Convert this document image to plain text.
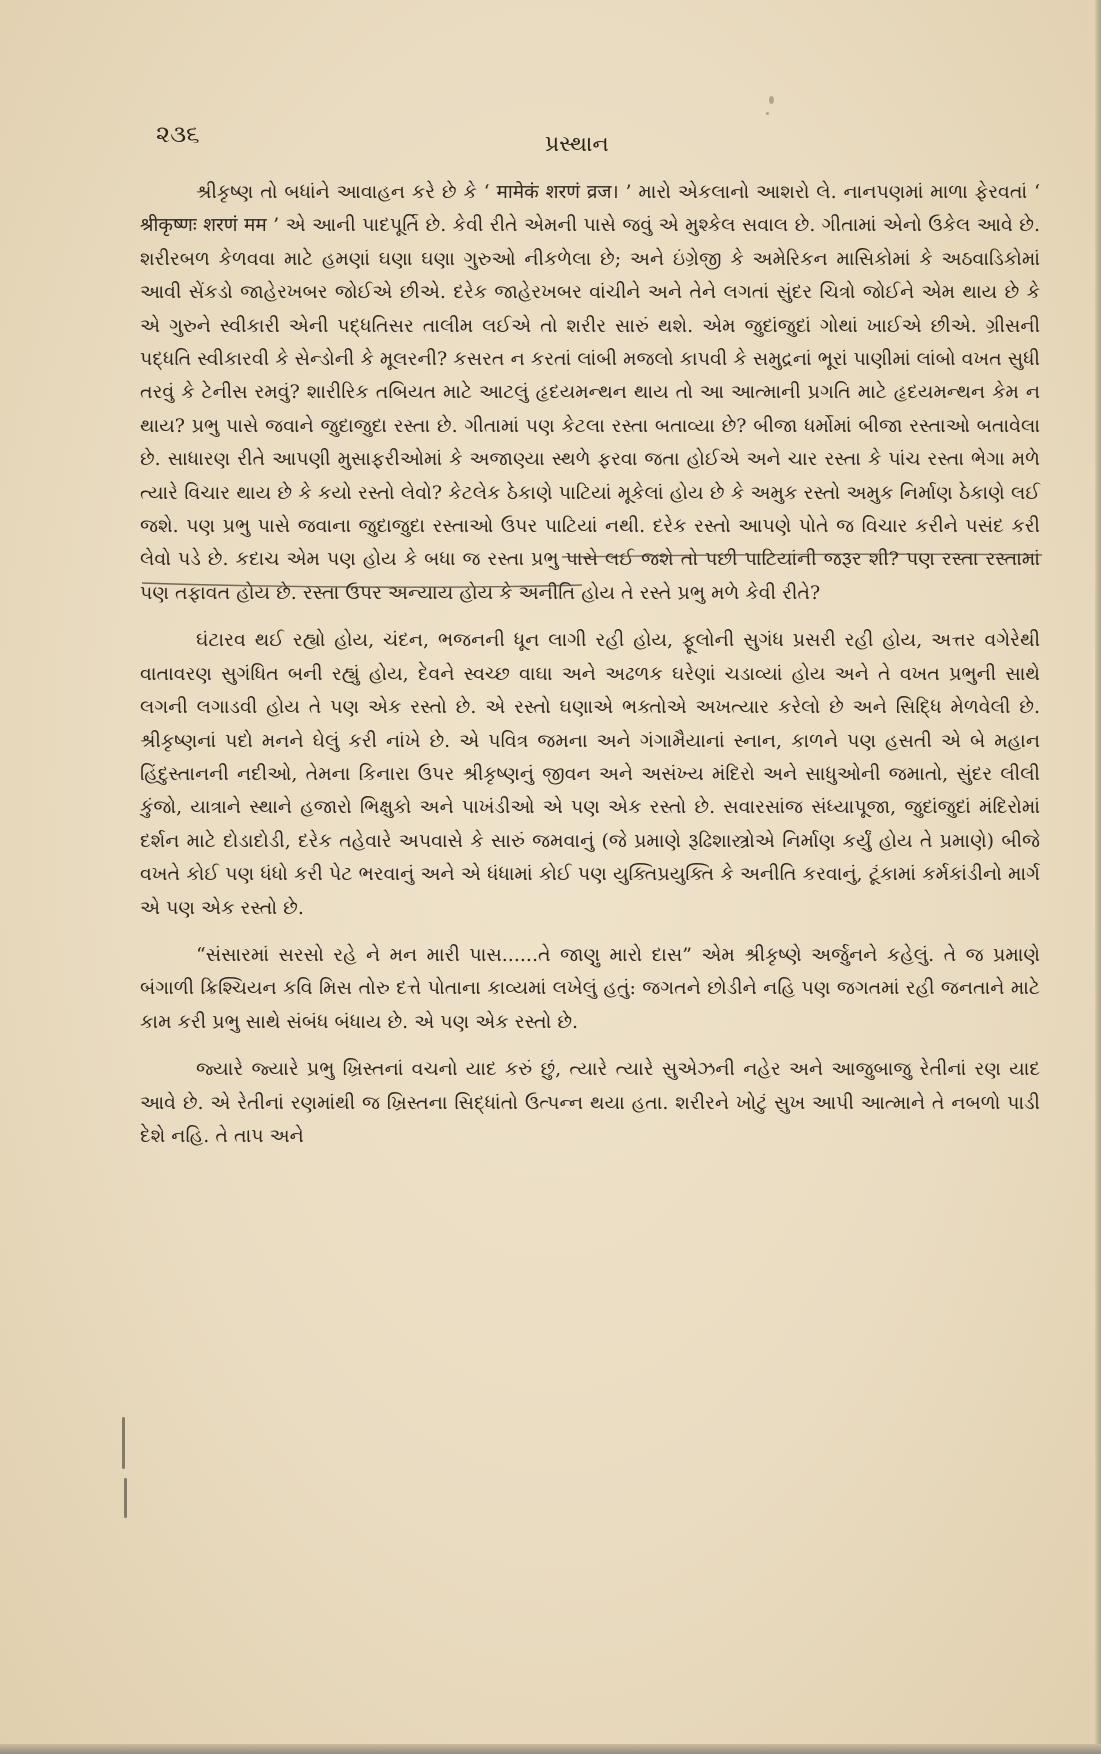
૨૩૬	પ્રસ્થાન

શ્રીકૃષ્ણ તો બધાંને આવાહન કરે છે કે ‘ मामेकं शरणं व्रज। ’ મારો એકલાનો આશરો લે. નાનપણમાં માળા ફેરવતાં ‘ श्रीकृष्णः शरणं मम ’ એ આની પાદપૂર્તિ છે. કેવી રીતે એમની પાસે જવું એ મુશ્કેલ સવાલ છે. ગીતામાં એનો ઉકેલ આવે છે. શરીરબળ કેળવવા માટે હમણાં ઘણા ઘણા ગુરુઓ નીકળેલા છે; અને ઇંગ્રેજી કે અમેરિકન માસિકોમાં કે અઠવાડિકોમાં આવી સેંકડો જાહેરખબર જોઈએ છીએ. દરેક જાહેરખબર વાંચીને અને તેને લગતાં સુંદર ચિત્રો જોઈને એમ થાય છે કે એ ગુરુને સ્વીકારી એની પદ્ધતિસર તાલીમ લઈએ તો શરીર સારું થશે. એમ જુદાંજુદાં ગોથાં ખાઈએ છીએ. ગ્રીસની પદ્ધતિ સ્વીકારવી કે સેન્ડોની કે મૂલરની? કસરત ન કરતાં લાંબી મજલો કાપવી કે સમુદ્રનાં ભૂરાં પાણીમાં લાંબો વખત સુધી તરવું કે ટેનીસ રમવું? શારીરિક તબિયત માટે આટલું હૃદયમન્થન થાય તો આ આત્માની પ્રગતિ માટે હૃદયમન્થન કેમ ન થાય? પ્રભુ પાસે જવાને જુદાજુદા રસ્તા છે. ગીતામાં પણ કેટલા રસ્તા બતાવ્યા છે? બીજા ધર્મોમાં બીજા રસ્તાઓ બતાવેલા છે. સાધારણ રીતે આપણી મુસાફરીઓમાં કે અજાણ્યા સ્થળે ફરવા જતા હોઈએ અને ચાર રસ્તા કે પાંચ રસ્તા ભેગા મળે ત્યારે વિચાર થાય છે કે કયો રસ્તો લેવો? કેટલેક ઠેકાણે પાટિયાં મૂકેલાં હોય છે કે અમુક રસ્તો અમુક નિર્માણ ઠેકાણે લઈ જશે. પણ પ્રભુ પાસે જવાના જુદાજુદા રસ્તાઓ ઉપર પાટિયાં નથી. દરેક રસ્તો આપણે પોતે જ વિચાર કરીને પસંદ કરી લેવો પડે છે. કદાચ એમ પણ હોય કે બધા જ રસ્તા પ્રભુ પાસે લઈ જશે તો પછી પાટિયાંની જરૂર શી? પણ રસ્તા રસ્તામાં પણ તફાવત હોય છે. રસ્તા ઉપર અન્યાય હોય કે અનીતિ હોય તે રસ્તે પ્રભુ મળે કેવી રીતે?

ઘંટારવ થઈ રહ્યો હોય, ચંદન, ભજનની ધૂન લાગી રહી હોય, ફૂલોની સુગંધ પ્રસરી રહી હોય, અત્તર વગેરેથી વાતાવરણ સુગંધિત બની રહ્યું હોય, દેવને સ્વચ્છ વાઘા અને અઢળક ઘરેણાં ચડાવ્યાં હોય અને તે વખત પ્રભુની સાથે લગની લગાડવી હોય તે પણ એક રસ્તો છે. એ રસ્તો ઘણાએ ભક્તોએ અખત્યાર કરેલો છે અને સિદ્ધિ મેળવેલી છે. શ્રીકૃષ્ણનાં પદો મનને ઘેલું કરી નાંખે છે. એ પવિત્ર જમના અને ગંગામૈયાનાં સ્નાન, કાળને પણ હસતી એ બે મહાન હિંદુસ્તાનની નદીઓ, તેમના કિનારા ઉપર શ્રીકૃષ્ણનું જીવન અને અસંખ્ય મંદિરો અને સાધુઓની જમાતો, સુંદર લીલી કુંજો, યાત્રાને સ્થાને હજારો ભિક્ષુકો અને પાખંડીઓ એ પણ એક રસ્તો છે. સવારસાંજ સંધ્યાપૂજા, જુદાંજુદાં મંદિરોમાં દર્શન માટે દોડાદોડી, દરેક તહેવારે અપવાસે કે સારું જમવાનું (જે પ્રમાણે રૂઢિશાસ્ત્રોએ નિર્માણ કર્યું હોય તે પ્રમાણે) બીજે વખતે કોઈ પણ ધંધો કરી પેટ ભરવાનું અને એ ધંધામાં કોઈ પણ યુક્તિપ્રયુક્તિ કે અનીતિ કરવાનું, ટૂંકામાં કર્મકાંડીનો માર્ગ એ પણ એક રસ્તો છે.

“સંસારમાં સરસો રહે ને મન મારી પાસ......તે જાણુ મારો દાસ” એમ શ્રીકૃષ્ણે અર્જુનને કહેલું. તે જ પ્રમાણે બંગાળી ક્રિશ્ચિયન કવિ મિસ તોરુ દત્તે પોતાના કાવ્યમાં લખેલું હતું: જગતને છોડીને નહિ પણ જગતમાં રહી જનતાને માટે કામ કરી પ્રભુ સાથે સંબંધ બંધાય છે. એ પણ એક રસ્તો છે.

જ્યારે જ્યારે પ્રભુ ખ્રિસ્તનાં વચનો યાદ કરું છું, ત્યારે ત્યારે સુએઝની નહેર અને આજુબાજુ રેતીનાં રણ યાદ આવે છે. એ રેતીનાં રણમાંથી જ ખ્રિસ્તના સિદ્ધાંતો ઉત્પન્ન થયા હતા. શરીરને ખોટું સુખ આપી આત્માને તે નબળો પાડી દેશે નહિ. તે તાપ અને
